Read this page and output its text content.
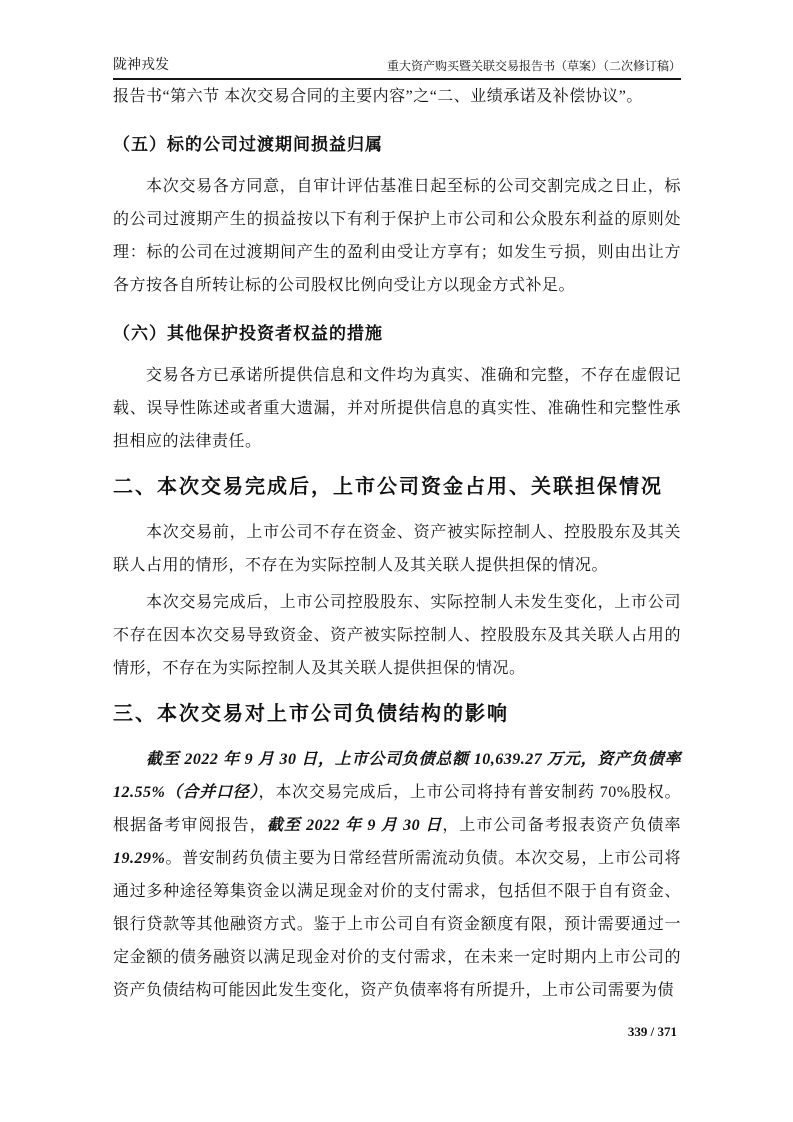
陇神戎发	重大资产购买暨关联交易报告书（草案）（二次修订稿）

报告书“第六节 本次交易合同的主要内容”之“二、业绩承诺及补偿协议”。

（五）标的公司过渡期间损益归属

本次交易各方同意，自审计评估基准日起至标的公司交割完成之日止，标的公司过渡期产生的损益按以下有利于保护上市公司和公众股东利益的原则处理：标的公司在过渡期间产生的盈利由受让方享有；如发生亏损，则由出让方各方按各自所转让标的公司股权比例向受让方以现金方式补足。

（六）其他保护投资者权益的措施

交易各方已承诺所提供信息和文件均为真实、准确和完整，不存在虚假记载、误导性陈述或者重大遗漏，并对所提供信息的真实性、准确性和完整性承担相应的法律责任。

二、本次交易完成后，上市公司资金占用、关联担保情况

本次交易前，上市公司不存在资金、资产被实际控制人、控股股东及其关联人占用的情形，不存在为实际控制人及其关联人提供担保的情况。

本次交易完成后，上市公司控股股东、实际控制人未发生变化，上市公司不存在因本次交易导致资金、资产被实际控制人、控股股东及其关联人占用的情形，不存在为实际控制人及其关联人提供担保的情况。

三、本次交易对上市公司负债结构的影响

截至 2022 年 9 月 30 日，上市公司负债总额 10,639.27 万元，资产负债率 12.55%（合并口径），本次交易完成后，上市公司将持有普安制药 70%股权。根据备考审阅报告，截至 2022 年 9 月 30 日，上市公司备考报表资产负债率 19.29%。普安制药负债主要为日常经营所需流动负债。本次交易，上市公司将通过多种途径筹集资金以满足现金对价的支付需求，包括但不限于自有资金、银行贷款等其他融资方式。鉴于上市公司自有资金额度有限，预计需要通过一定金额的债务融资以满足现金对价的支付需求，在未来一定时期内上市公司的资产负债结构可能因此发生变化，资产负债率将有所提升，上市公司需要为债

339 / 371
